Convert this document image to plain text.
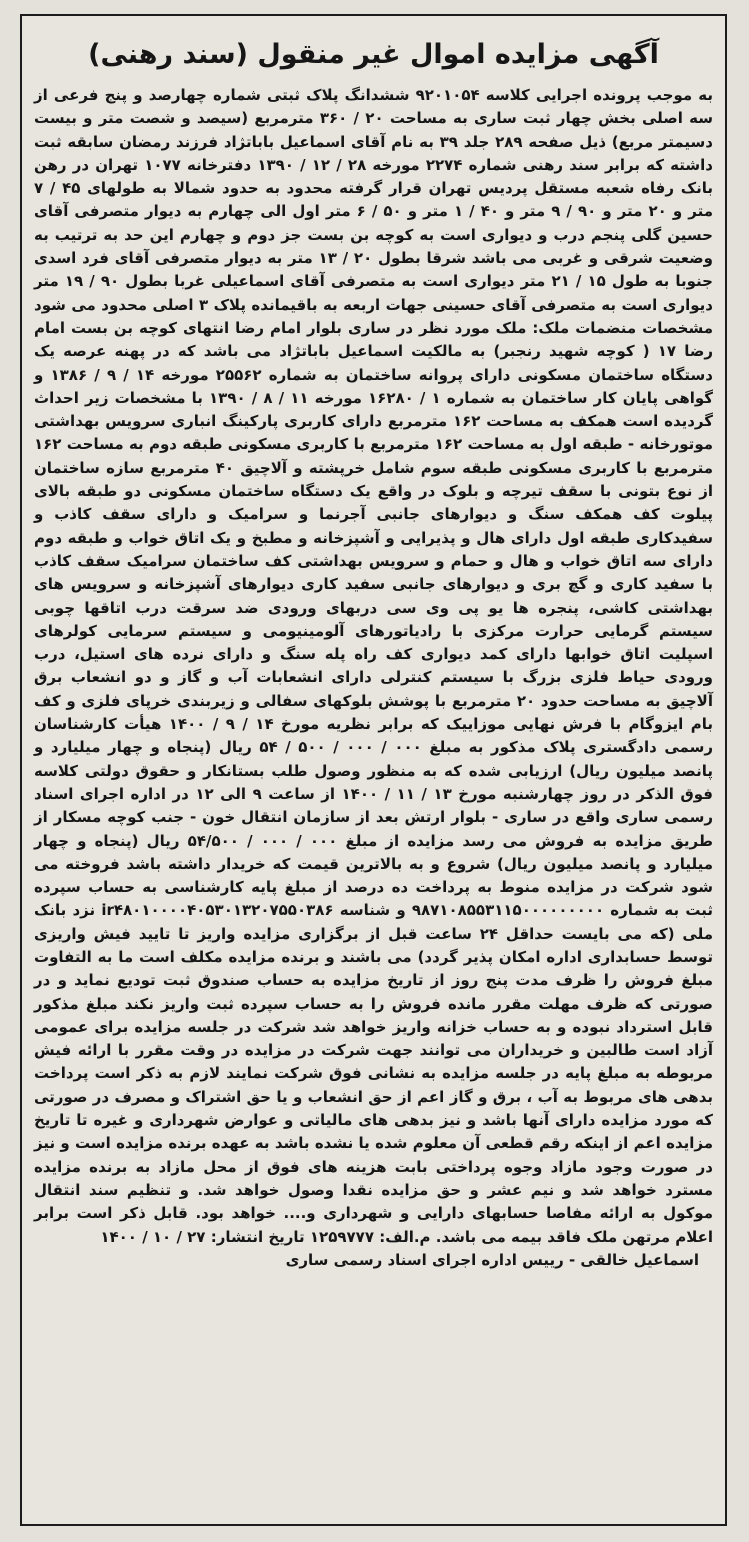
آگهی مزایده اموال غیر منقول (سند رهنی)

به موجب پرونده اجرایی کلاسه ۹۲۰۱۰۵۴ ششدانگ پلاک ثبتی شماره چهارصد و پنج فرعی از سه اصلی بخش چهار ثبت ساری به مساحت ۲۰ / ۳۶۰ مترمربع (سیصد و شصت متر و بیست دسیمتر مربع) ذیل صفحه ۲۸۹ جلد ۳۹ به نام آقای اسماعیل باباتژاد فرزند رمضان سابقه ثبت داشته که برابر سند رهنی شماره ۲۲۷۴ مورخه ۲۸ / ۱۲ / ۱۳۹۰ دفترخانه ۱۰۷۷ تهران در رهن بانک رفاه شعبه مستقل پردیس تهران قرار گرفته محدود به حدود شمالا به طولهای ۴۵ / ۷ متر و ۲۰ متر و ۹۰ / ۹ متر و ۴۰ / ۱ متر و ۵۰ / ۶ متر اول الی چهارم به دیوار متصرفی آقای حسین گلی پنجم درب و دیواری است به کوچه بن بست جز دوم و چهارم این حد به ترتیب به وضعیت شرقی و غربی می باشد شرقا بطول ۲۰ / ۱۳ متر به دیوار متصرفی آقای فرد اسدی جنوبا به طول ۱۵ / ۲۱ متر دیواری است به متصرفی آقای اسماعیلی غربا بطول ۹۰ / ۱۹ متر دیواری است به متصرفی آقای حسینی جهات اربعه به باقیمانده پلاک ۳ اصلی محدود می شود مشخصات منضمات ملک: ملک مورد نظر در ساری بلوار امام رضا انتهای کوچه بن بست امام رضا ۱۷ ( کوچه شهید رنجبر) به مالکیت اسماعیل باباتژاد می باشد که در پهنه عرصه یک دستگاه ساختمان مسکونی دارای پروانه ساختمان به شماره ۲۵۵۶۲ مورخه ۱۴ / ۹ / ۱۳۸۶ و گواهی پایان کار ساختمان به شماره ۱ / ۱۶۲۸۰ مورخه ۱۱ / ۸ / ۱۳۹۰ با مشخصات زیر احداث گردیده است همکف به مساحت ۱۶۲ مترمربع دارای کاربری پارکینگ انباری سرویس بهداشتی موتورخانه - طبقه اول به مساحت ۱۶۲ مترمربع با کاربری مسکونی طبقه دوم به مساحت ۱۶۲ مترمربع با کاربری مسکونی طبقه سوم شامل خرپشته و آلاچیق ۴۰ مترمربع سازه ساختمان از نوع بتونی با سقف تیرچه و بلوک در واقع یک دستگاه ساختمان مسکونی دو طبقه بالای پیلوت کف همکف سنگ و دیوارهای جانبی آجرنما و سرامیک و دارای سقف کاذب و سفیدکاری طبقه اول دارای هال و پذیرایی و آشپزخانه و مطبخ و یک اتاق خواب و طبقه دوم دارای سه اتاق خواب و هال و حمام و سرویس بهداشتی کف ساختمان سرامیک سقف کاذب با سفید کاری و گچ بری و دیوارهای جانبی سفید کاری دیوارهای آشپزخانه و سرویس های بهداشتی کاشی، پنجره ها یو پی وی سی دربهای ورودی ضد سرقت درب اتاقها چوبی سیستم گرمایی حرارت مرکزی با رادیاتورهای آلومینیومی و سیستم سرمایی کولرهای اسپلیت اتاق خوابها دارای کمد دیواری کف راه پله سنگ و دارای نرده های استیل، درب ورودی حیاط فلزی بزرگ با سیستم کنترلی دارای انشعابات آب و گاز و دو انشعاب برق آلاچیق به مساحت حدود ۲۰ مترمربع با پوشش بلوکهای سفالی و زیربندی خرپای فلزی و کف بام ایزوگام با فرش نهایی موزاییک که برابر نظریه مورخ ۱۴ / ۹ / ۱۴۰۰ هیأت کارشناسان رسمی دادگستری پلاک مذکور به مبلغ ۰۰۰ / ۰۰۰ / ۵۰۰ / ۵۴ ریال (پنجاه و چهار میلیارد و پانصد میلیون ریال) ارزیابی شده که به منظور وصول طلب بستانکار و حقوق دولتی کلاسه فوق الذکر در روز چهارشنبه مورخ ۱۳ / ۱۱ / ۱۴۰۰ از ساعت ۹ الی ۱۲ در اداره اجرای اسناد رسمی ساری واقع در ساری - بلوار ارتش بعد از سازمان انتقال خون - جنب کوچه مسکار از طریق مزایده به فروش می رسد مزایده از مبلغ ۰۰۰ / ۰۰۰ / ۵۴/۵۰۰ ریال (پنجاه و چهار میلیارد و پانصد میلیون ریال) شروع و به بالاترین قیمت که خریدار داشته باشد فروخته می شود شرکت در مزایده منوط به پرداخت ده درصد از مبلغ پایه کارشناسی به حساب سپرده ثبت به شماره ۹۸۷۱۰۸۵۵۳۱۱۵۰۰۰۰۰۰۰۰۰ و شناسه ir۴۸۰۱۰۰۰۰۴۰۵۳۰۱۳۲۰۷۵۵۰۳۸۶ نزد بانک ملی (که می بایست حداقل ۲۴ ساعت قبل از برگزاری مزایده واریز تا تایید فیش واریزی توسط حسابداری اداره امکان پذیر گردد) می باشند و برنده مزایده مکلف است ما به التفاوت مبلغ فروش را ظرف مدت پنج روز از تاریخ مزایده به حساب صندوق ثبت تودیع نماید و در صورتی که ظرف مهلت مقرر مانده فروش را به حساب سپرده ثبت واریز نکند مبلغ مذکور قابل استرداد نبوده و به حساب خزانه واریز خواهد شد شرکت در جلسه مزایده برای عمومی آزاد است طالبین و خریداران می توانند جهت شرکت در مزایده در وقت مقرر با ارائه فیش مربوطه به مبلغ پایه در جلسه مزایده به نشانی فوق شرکت نمایند لازم به ذکر است پرداخت بدهی های مربوط به آب ، برق و گاز اعم از حق انشعاب و یا حق اشتراک و مصرف در صورتی که مورد مزایده دارای آنها باشد و نیز بدهی های مالیاتی و عوارض شهرداری و غیره تا تاریخ مزایده اعم از اینکه رقم قطعی آن معلوم شده یا نشده باشد به عهده برنده مزایده است و نیز در صورت وجود مازاد وجوه پرداختی بابت هزینه های فوق از محل مازاد به برنده مزایده مسترد خواهد شد و نیم عشر و حق مزایده نقدا وصول خواهد شد. و تنظیم سند انتقال موکول به ارائه مفاصا حسابهای دارایی و شهرداری و.... خواهد بود. قابل ذکر است برابر اعلام مرتهن ملک فاقد بیمه می باشد. م.الف: ۱۲۵۹۷۷۷ تاریخ انتشار: ۲۷ / ۱۰ / ۱۴۰۰

اسماعیل خالقی - رییس اداره اجرای اسناد رسمی ساری
